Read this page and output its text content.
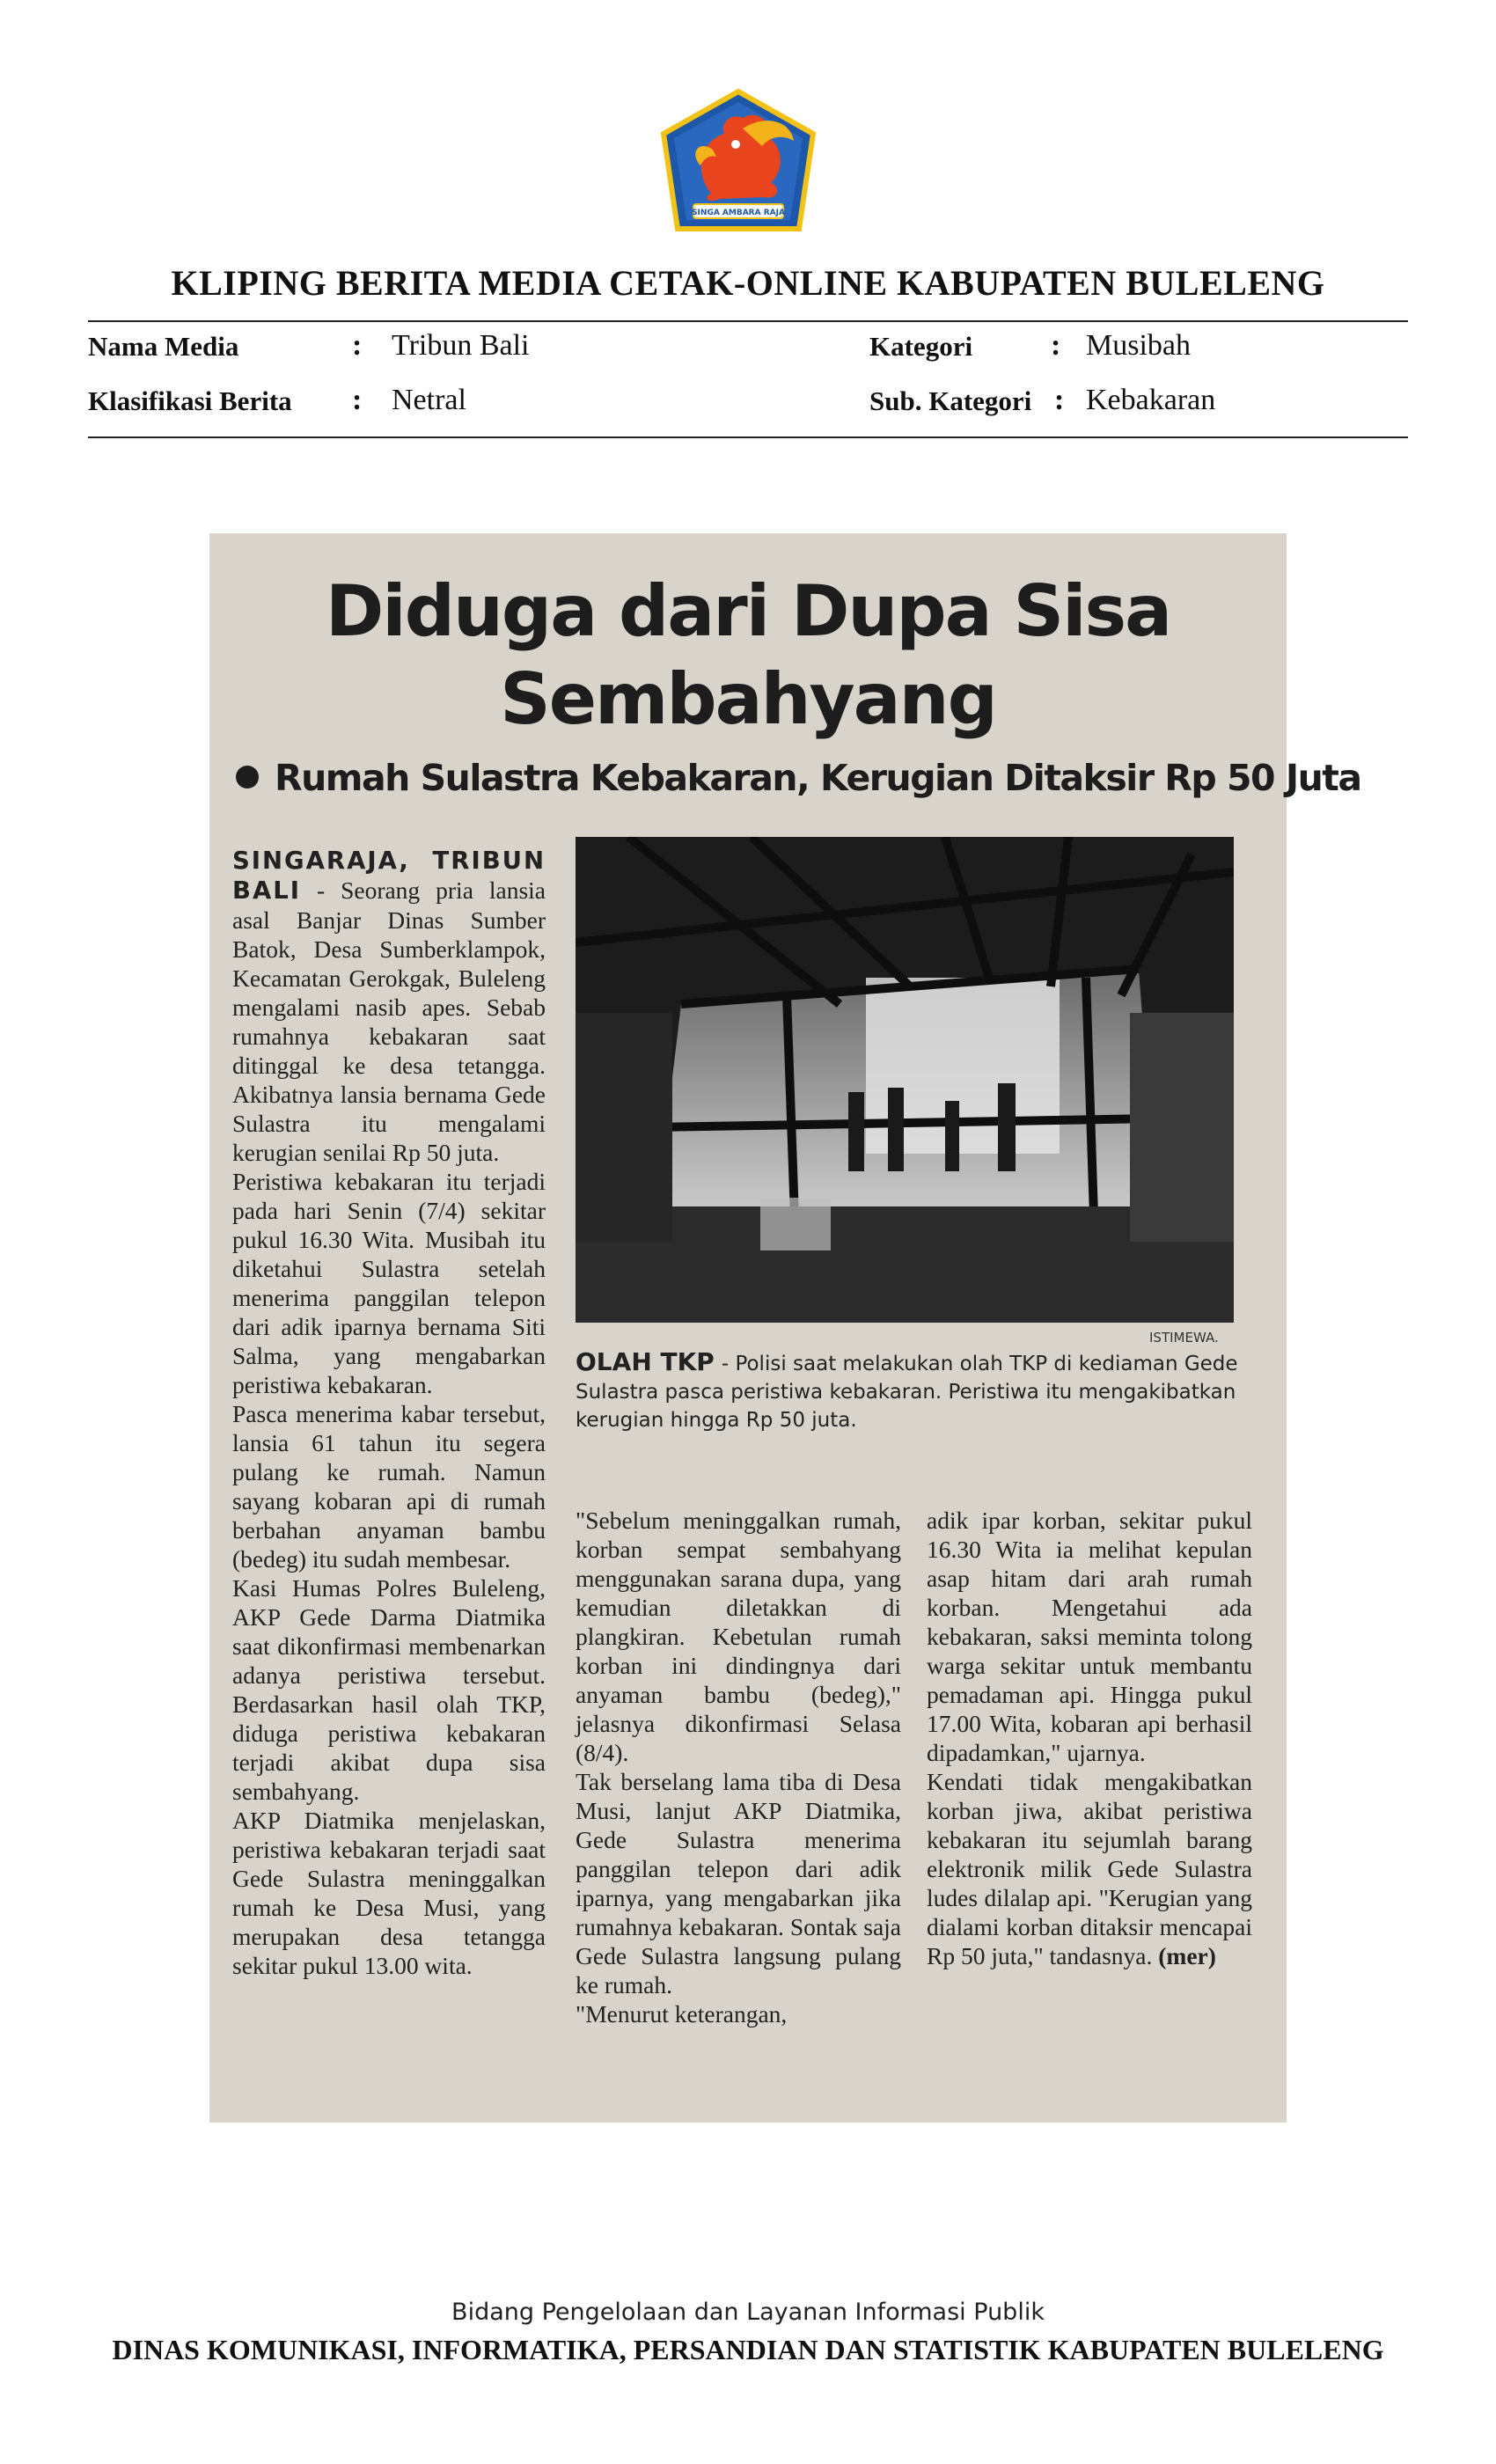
SINGA AMBARA RAJA
KLIPING BERITA MEDIA CETAK-ONLINE KABUPATEN BULELENG
Nama Media	: Tribun Bali
Klasifikasi Berita : Netral
Kategori	: Musibah
Sub. Kategori : Kebakaran
Diduga dari Dupa Sisa
Sembahyang
Rumah Sulastra Kebakaran, Kerugian Ditaksir Rp 50 Juta
SINGARAJA, TRIBUN BALI - Seorang pria lansia asal Banjar Dinas Sumber Batok, Desa Sumberklampok, Kecamatan Gerokgak, Buleleng mengalami nasib apes. Sebab rumahnya kebakaran saat ditinggal ke desa tetangga. Akibatnya lansia bernama Gede Sulastra itu mengalami kerugian senilai Rp 50 juta.
Peristiwa kebakaran itu terjadi pada hari Senin (7/4) sekitar pukul 16.30 Wita. Musibah itu diketahui Sulastra setelah menerima panggilan telepon dari adik iparnya bernama Siti Salma, yang mengabarkan peristiwa kebakaran.
Pasca menerima kabar tersebut, lansia 61 tahun itu segera pulang ke rumah. Namun sayang kobaran api di rumah berbahan anyaman bambu (bedeg) itu sudah membesar.
Kasi Humas Polres Buleleng, AKP Gede Darma Diatmika saat dikonfirmasi membenarkan adanya peristiwa tersebut. Berdasarkan hasil olah TKP, diduga peristiwa kebakaran terjadi akibat dupa sisa sembahyang.
AKP Diatmika menjelaskan, peristiwa kebakaran terjadi saat Gede Sulastra meninggalkan rumah ke Desa Musi, yang merupakan desa tetangga sekitar pukul 13.00 wita.
ISTIMEWA.
OLAH TKP - Polisi saat melakukan olah TKP di kediaman Gede Sulastra pasca peristiwa kebakaran. Peristiwa itu mengakibatkan kerugian hingga Rp 50 juta.
"Sebelum meninggalkan rumah, korban sempat sembahyang menggunakan sarana dupa, yang kemudian diletakkan di plangkiran. Kebetulan rumah korban ini dindingnya dari anyaman bambu (bedeg)," jelasnya dikonfirmasi Selasa (8/4).
Tak berselang lama tiba di Desa Musi, lanjut AKP Diatmika, Gede Sulastra menerima panggilan telepon dari adik iparnya, yang mengabarkan jika rumahnya kebakaran. Sontak saja Gede Sulastra langsung pulang ke rumah.
"Menurut keterangan,
adik ipar korban, sekitar pukul 16.30 Wita ia melihat kepulan asap hitam dari arah rumah korban. Mengetahui ada kebakaran, saksi meminta tolong warga sekitar untuk membantu pemadaman api. Hingga pukul 17.00 Wita, kobaran api berhasil dipadamkan," ujarnya.
Kendati tidak mengakibatkan korban jiwa, akibat peristiwa kebakaran itu sejumlah barang elektronik milik Gede Sulastra ludes dilalap api. "Kerugian yang dialami korban ditaksir mencapai Rp 50 juta," tandasnya. (mer)
Bidang Pengelolaan dan Layanan Informasi Publik
DINAS KOMUNIKASI, INFORMATIKA, PERSANDIAN DAN STATISTIK KABUPATEN BULELENG
